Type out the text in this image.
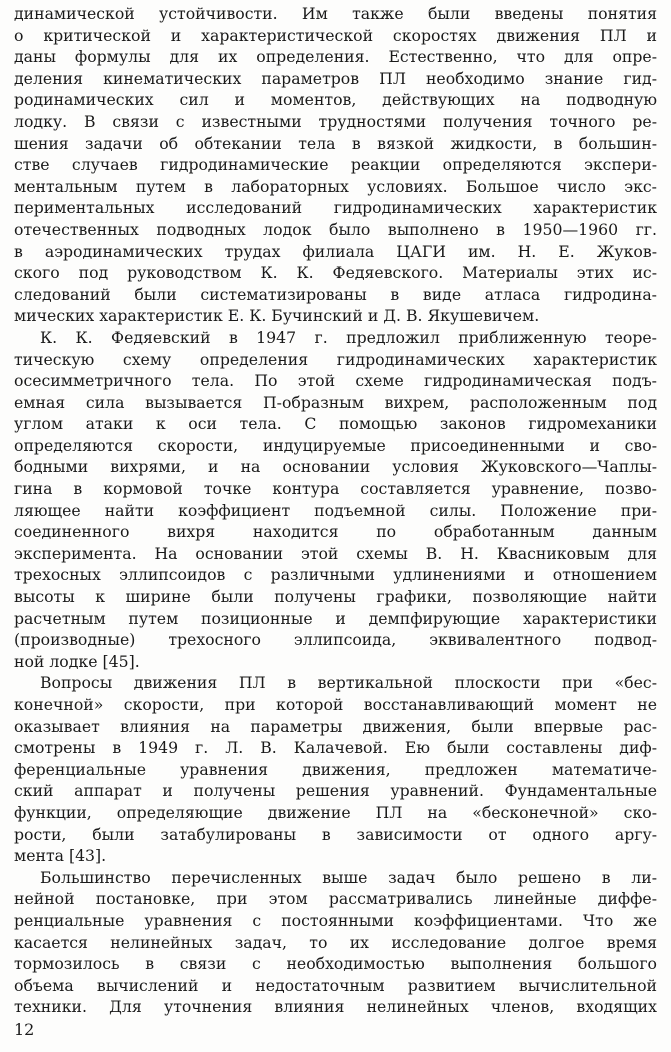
динамической устойчивости. Им также были введены понятия
о критической и характеристической скоростях движения ПЛ и
даны формулы для их определения. Естественно, что для опре-
деления кинематических параметров ПЛ необходимо знание гид-
родинамических сил и моментов, действующих на подводную
лодку. В связи с известными трудностями получения точного ре-
шения задачи об обтекании тела в вязкой жидкости, в большин-
стве случаев гидродинамические реакции определяются экспери-
ментальным путем в лабораторных условиях. Большое число экс-
периментальных исследований гидродинамических характеристик
отечественных подводных лодок было выполнено в 1950—1960 гг.
в аэродинамических трудах филиала ЦАГИ им. Н. Е. Жуков-
ского под руководством К. К. Федяевского. Материалы этих ис-
следований были систематизированы в виде атласа гидродина-
мических характеристик Е. К. Бучинский и Д. В. Якушевичем.
К. К. Федяевский в 1947 г. предложил приближенную теоре-
тическую схему определения гидродинамических характеристик
осесимметричного тела. По этой схеме гидродинамическая подъ-
емная сила вызывается П-образным вихрем, расположенным под
углом атаки к оси тела. С помощью законов гидромеханики
определяются скорости, индуцируемые присоединенными и сво-
бодными вихрями, и на основании условия Жуковского—Чаплы-
гина в кормовой точке контура составляется уравнение, позво-
ляющее найти коэффициент подъемной силы. Положение при-
соединенного вихря находится по обработанным данным
эксперимента. На основании этой схемы В. Н. Квасниковым для
трехосных эллипсоидов с различными удлинениями и отношением
высоты к ширине были получены графики, позволяющие найти
расчетным путем позиционные и демпфирующие характеристики
(производные) трехосного эллипсоида, эквивалентного подвод-
ной лодке [45].
Вопросы движения ПЛ в вертикальной плоскости при «бес-
конечной» скорости, при которой восстанавливающий момент не
оказывает влияния на параметры движения, были впервые рас-
смотрены в 1949 г. Л. В. Калачевой. Ею были составлены диф-
ференциальные уравнения движения, предложен математиче-
ский аппарат и получены решения уравнений. Фундаментальные
функции, определяющие движение ПЛ на «бесконечной» ско-
рости, были затабулированы в зависимости от одного аргу-
мента [43].
Большинство перечисленных выше задач было решено в ли-
нейной постановке, при этом рассматривались линейные диффе-
ренциальные уравнения с постоянными коэффициентами. Что же
касается нелинейных задач, то их исследование долгое время
тормозилось в связи с необходимостью выполнения большого
объема вычислений и недостаточным развитием вычислительной
техники. Для уточнения влияния нелинейных членов, входящих
12
